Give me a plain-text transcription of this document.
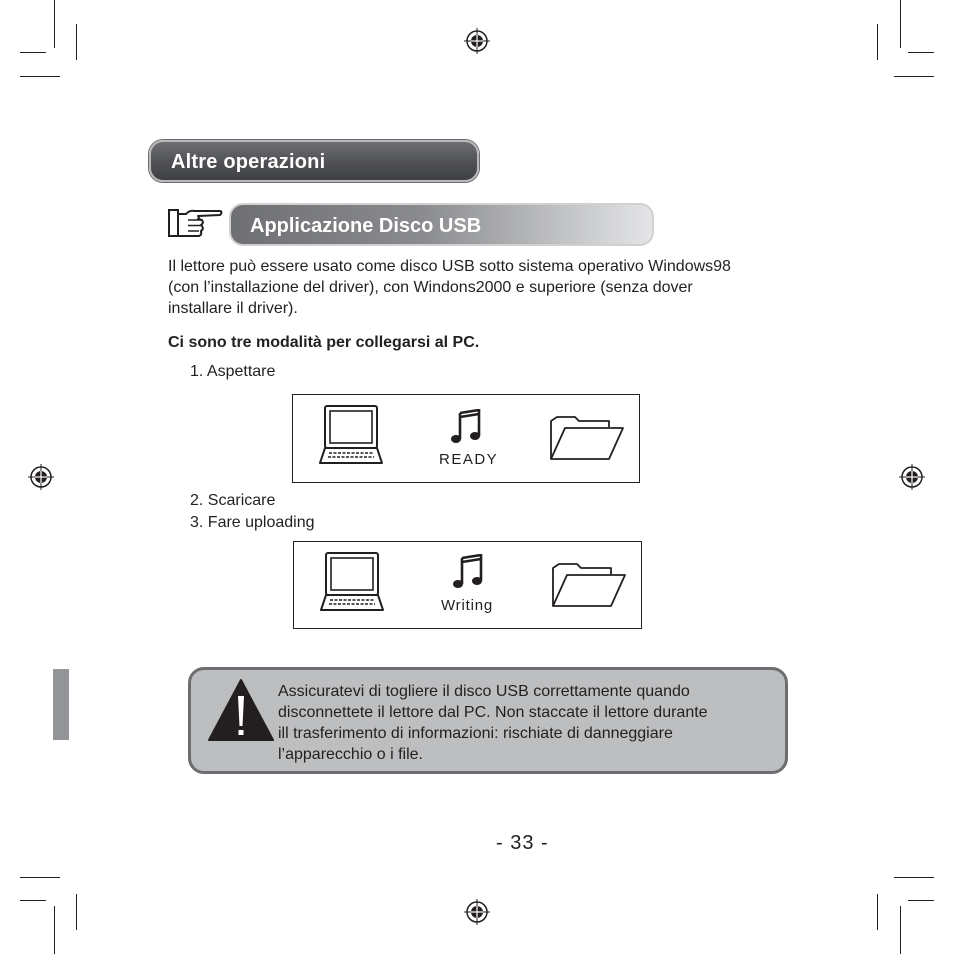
Altre operazioni
Applicazione Disco USB
Il lettore può essere usato come disco USB sotto sistema operativo Windows98
(con l’installazione del driver), con Windons2000 e superiore (senza dover
installare il driver).
Ci sono tre modalità per collegarsi al PC.
1. Aspettare
READY
2. Scaricare
3. Fare uploading
Writing
Assicuratevi di togliere il disco USB correttamente quando
disconnettete il lettore dal PC. Non staccate il lettore durante
ill trasferimento di informazioni: rischiate di danneggiare
l’apparecchio o i file.
- 33 -
